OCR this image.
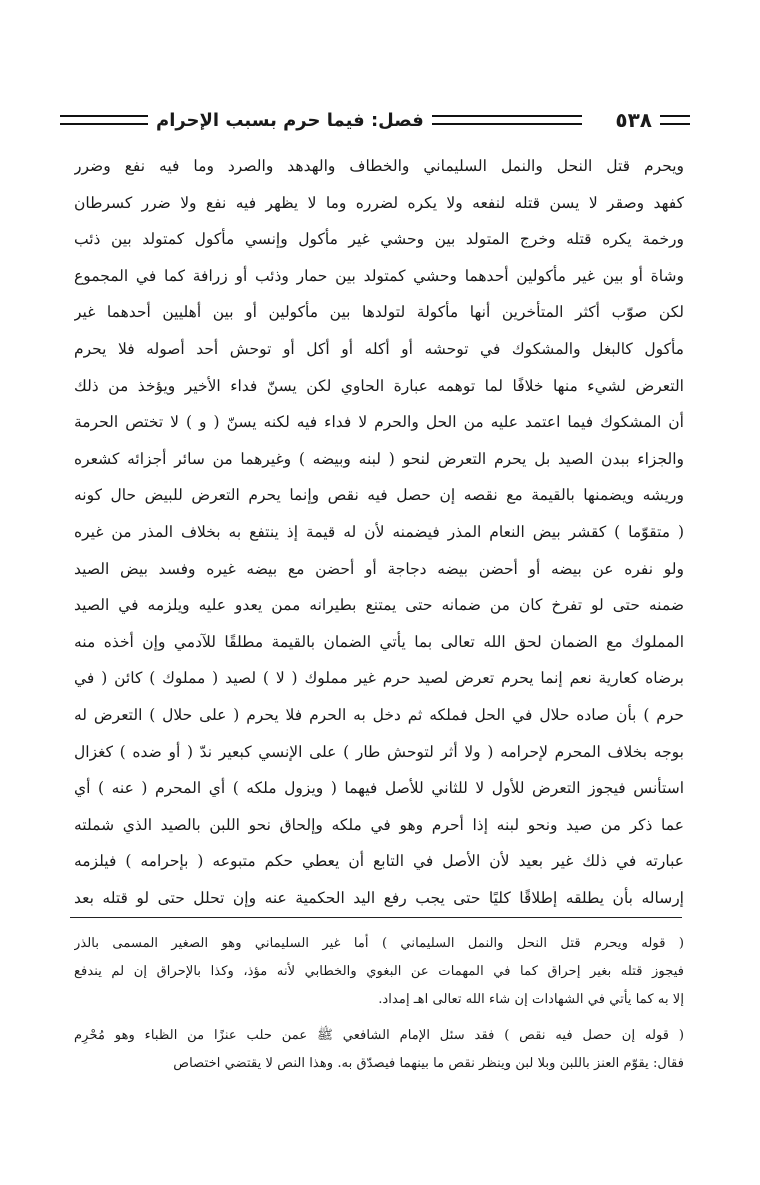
فصل: فيما حرم بسبب الإحرام	٥٣٨
ويحرم قتل النحل والنمل السليماني والخطاف والهدهد والصرد وما فيه نفع وضرر
كفهد وصقر لا يسن قتله لنفعه ولا يكره لضرره وما لا يظهر فيه نفع ولا ضرر كسرطان
ورخمة يكره قتله وخرج المتولد بين وحشي غير مأكول وإنسي مأكول كمتولد بين ذئب
وشاة أو بين غير مأكولين أحدهما وحشي كمتولد بين حمار وذئب أو زرافة كما في المجموع
لكن صوّب أكثر المتأخرين أنها مأكولة لتولدها بين مأكولين أو بين أهليين أحدهما غير
مأكول كالبغل والمشكوك في توحشه أو أكله أو أكل أو توحش أحد أصوله فلا يحرم
التعرض لشيء منها خلافًا لما توهمه عبارة الحاوي لكن يسنّ فداء الأخير ويؤخذ من ذلك
أن المشكوك فيما اعتمد عليه من الحل والحرم لا فداء فيه لكنه يسنّ ( و ) لا تختص الحرمة
والجزاء ببدن الصيد بل يحرم التعرض لنحو ( لبنه وبيضه ) وغيرهما من سائر أجزائه كشعره
وريشه ويضمنها بالقيمة مع نقصه إن حصل فيه نقص وإنما يحرم التعرض للبيض حال كونه
( متقوّما ) كقشر بيض النعام المذر فيضمنه لأن له قيمة إذ ينتفع به بخلاف المذر من غيره
ولو نفره عن بيضه أو أحضن بيضه دجاجة أو أحضن مع بيضه غيره وفسد بيض الصيد
ضمنه حتى لو تفرخ كان من ضمانه حتى يمتنع بطيرانه ممن يعدو عليه ويلزمه في الصيد
المملوك مع الضمان لحق الله تعالى بما يأتي الضمان بالقيمة مطلقًا للآدمي وإن أخذه منه
برضاه كعارية نعم إنما يحرم تعرض لصيد حرم غير مملوك ( لا ) لصيد ( مملوك ) كائن ( في
حرم ) بأن صاده حلال في الحل فملكه ثم دخل به الحرم فلا يحرم ( على حلال ) التعرض له
بوجه بخلاف المحرم لإحرامه ( ولا أثر لتوحش طار ) على الإنسي كبعير ندّ ( أو ضده ) كغزال
استأنس فيجوز التعرض للأول لا للثاني للأصل فيهما ( ويزول ملكه ) أي المحرم ( عنه ) أي
عما ذكر من صيد ونحو لبنه إذا أحرم وهو في ملكه وإلحاق نحو اللبن بالصيد الذي شملته
عبارته في ذلك غير بعيد لأن الأصل في التابع أن يعطي حكم متبوعه ( بإحرامه ) فيلزمه
إرساله بأن يطلقه إطلاقًا كليًا حتى يجب رفع اليد الحكمية عنه وإن تحلل حتى لو قتله بعد
( قوله ويحرم قتل النحل والنمل السليماني ) أما غير السليماني وهو الصغير المسمى بالذر
فيجوز قتله بغير إحراق كما في المهمات عن البغوي والخطابي لأنه مؤذ، وكذا بالإحراق إن لم يندفع
إلا به كما يأتي في الشهادات إن شاء الله تعالى اهـ إمداد.
( قوله إن حصل فيه نقص ) فقد سئل الإمام الشافعي ﷺ عمن حلب عنزًا من الظباء وهو مُحْرِم
فقال: يقوّم العنز باللبن وبلا لبن وينظر نقص ما بينهما فيصدّق به. وهذا النص لا يقتضي اختصاص
